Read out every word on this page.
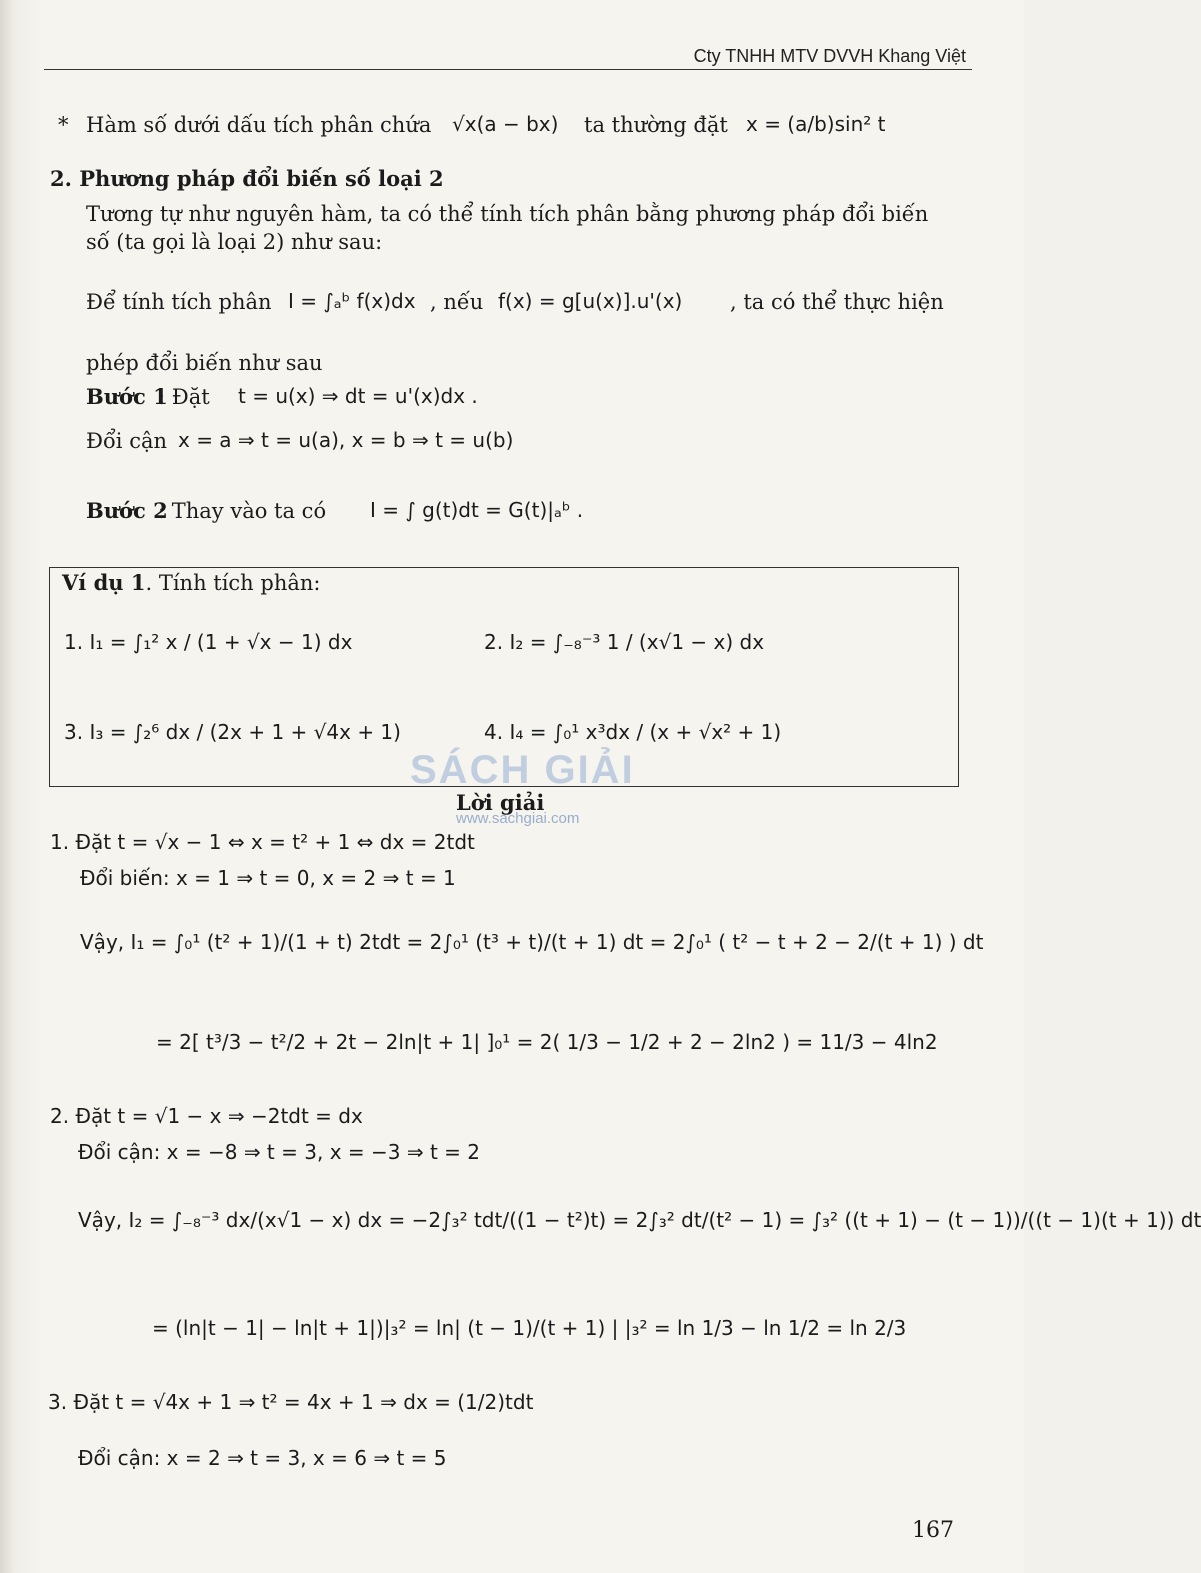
Cty TNHH MTV DVVH Khang Việt
* Hàm số dưới dấu tích phân chứa √x(a − bx) ta thường đặt x = (a/b)sin² t
2. Phương pháp đổi biến số loại 2
Tương tự như nguyên hàm, ta có thể tính tích phân bằng phương pháp đổi biến
số (ta gọi là loại 2) như sau:
Để tính tích phân I = ∫ₐᵇ f(x)dx , nếu f(x) = g[u(x)].u'(x) , ta có thể thực hiện
phép đổi biến như sau
Bước 1
: Đặt t = u(x) ⇒ dt = u'(x)dx .
Đổi cận x = a ⇒ t = u(a), x = b ⇒ t = u(b)
Bước 2
: Thay vào ta có I = ∫ g(t)dt = G(t)|ₐᵇ .
Ví dụ 1. Tính tích phân:
1. I₁ = ∫₁² x / (1 + √x − 1) dx	2. I₂ = ∫₋₈⁻³ 1 / (x√1 − x) dx
3. I₃ = ∫₂⁶ dx / (2x + 1 + √4x + 1)	4. I₄ = ∫₀¹ x³dx / (x + √x² + 1)
SÁCH GIẢI
Lời giải
www.sachgiai.com
1. Đặt t = √x − 1 ⇔ x = t² + 1 ⇔ dx = 2tdt
Đổi biến: x = 1 ⇒ t = 0, x = 2 ⇒ t = 1
Vậy, I₁ = ∫₀¹ (t² + 1)/(1 + t) 2tdt = 2∫₀¹ (t³ + t)/(t + 1) dt = 2∫₀¹ ( t² − t + 2 − 2/(t + 1) ) dt
= 2[ t³/3 − t²/2 + 2t − 2ln|t + 1| ]₀¹ = 2( 1/3 − 1/2 + 2 − 2ln2 ) = 11/3 − 4ln2
2. Đặt t = √1 − x ⇒ −2tdt = dx
Đổi cận: x = −8 ⇒ t = 3, x = −3 ⇒ t = 2
Vậy, I₂ = ∫₋₈⁻³ dx/(x√1 − x) dx = −2∫₃² tdt/((1 − t²)t) = 2∫₃² dt/(t² − 1) = ∫₃² ((t + 1) − (t − 1))/((t − 1)(t + 1)) dt
= (ln|t − 1| − ln|t + 1|)|₃² = ln| (t − 1)/(t + 1) | |₃² = ln 1/3 − ln 1/2 = ln 2/3
3. Đặt t = √4x + 1 ⇒ t² = 4x + 1 ⇒ dx = (1/2)tdt
Đổi cận: x = 2 ⇒ t = 3, x = 6 ⇒ t = 5
167
